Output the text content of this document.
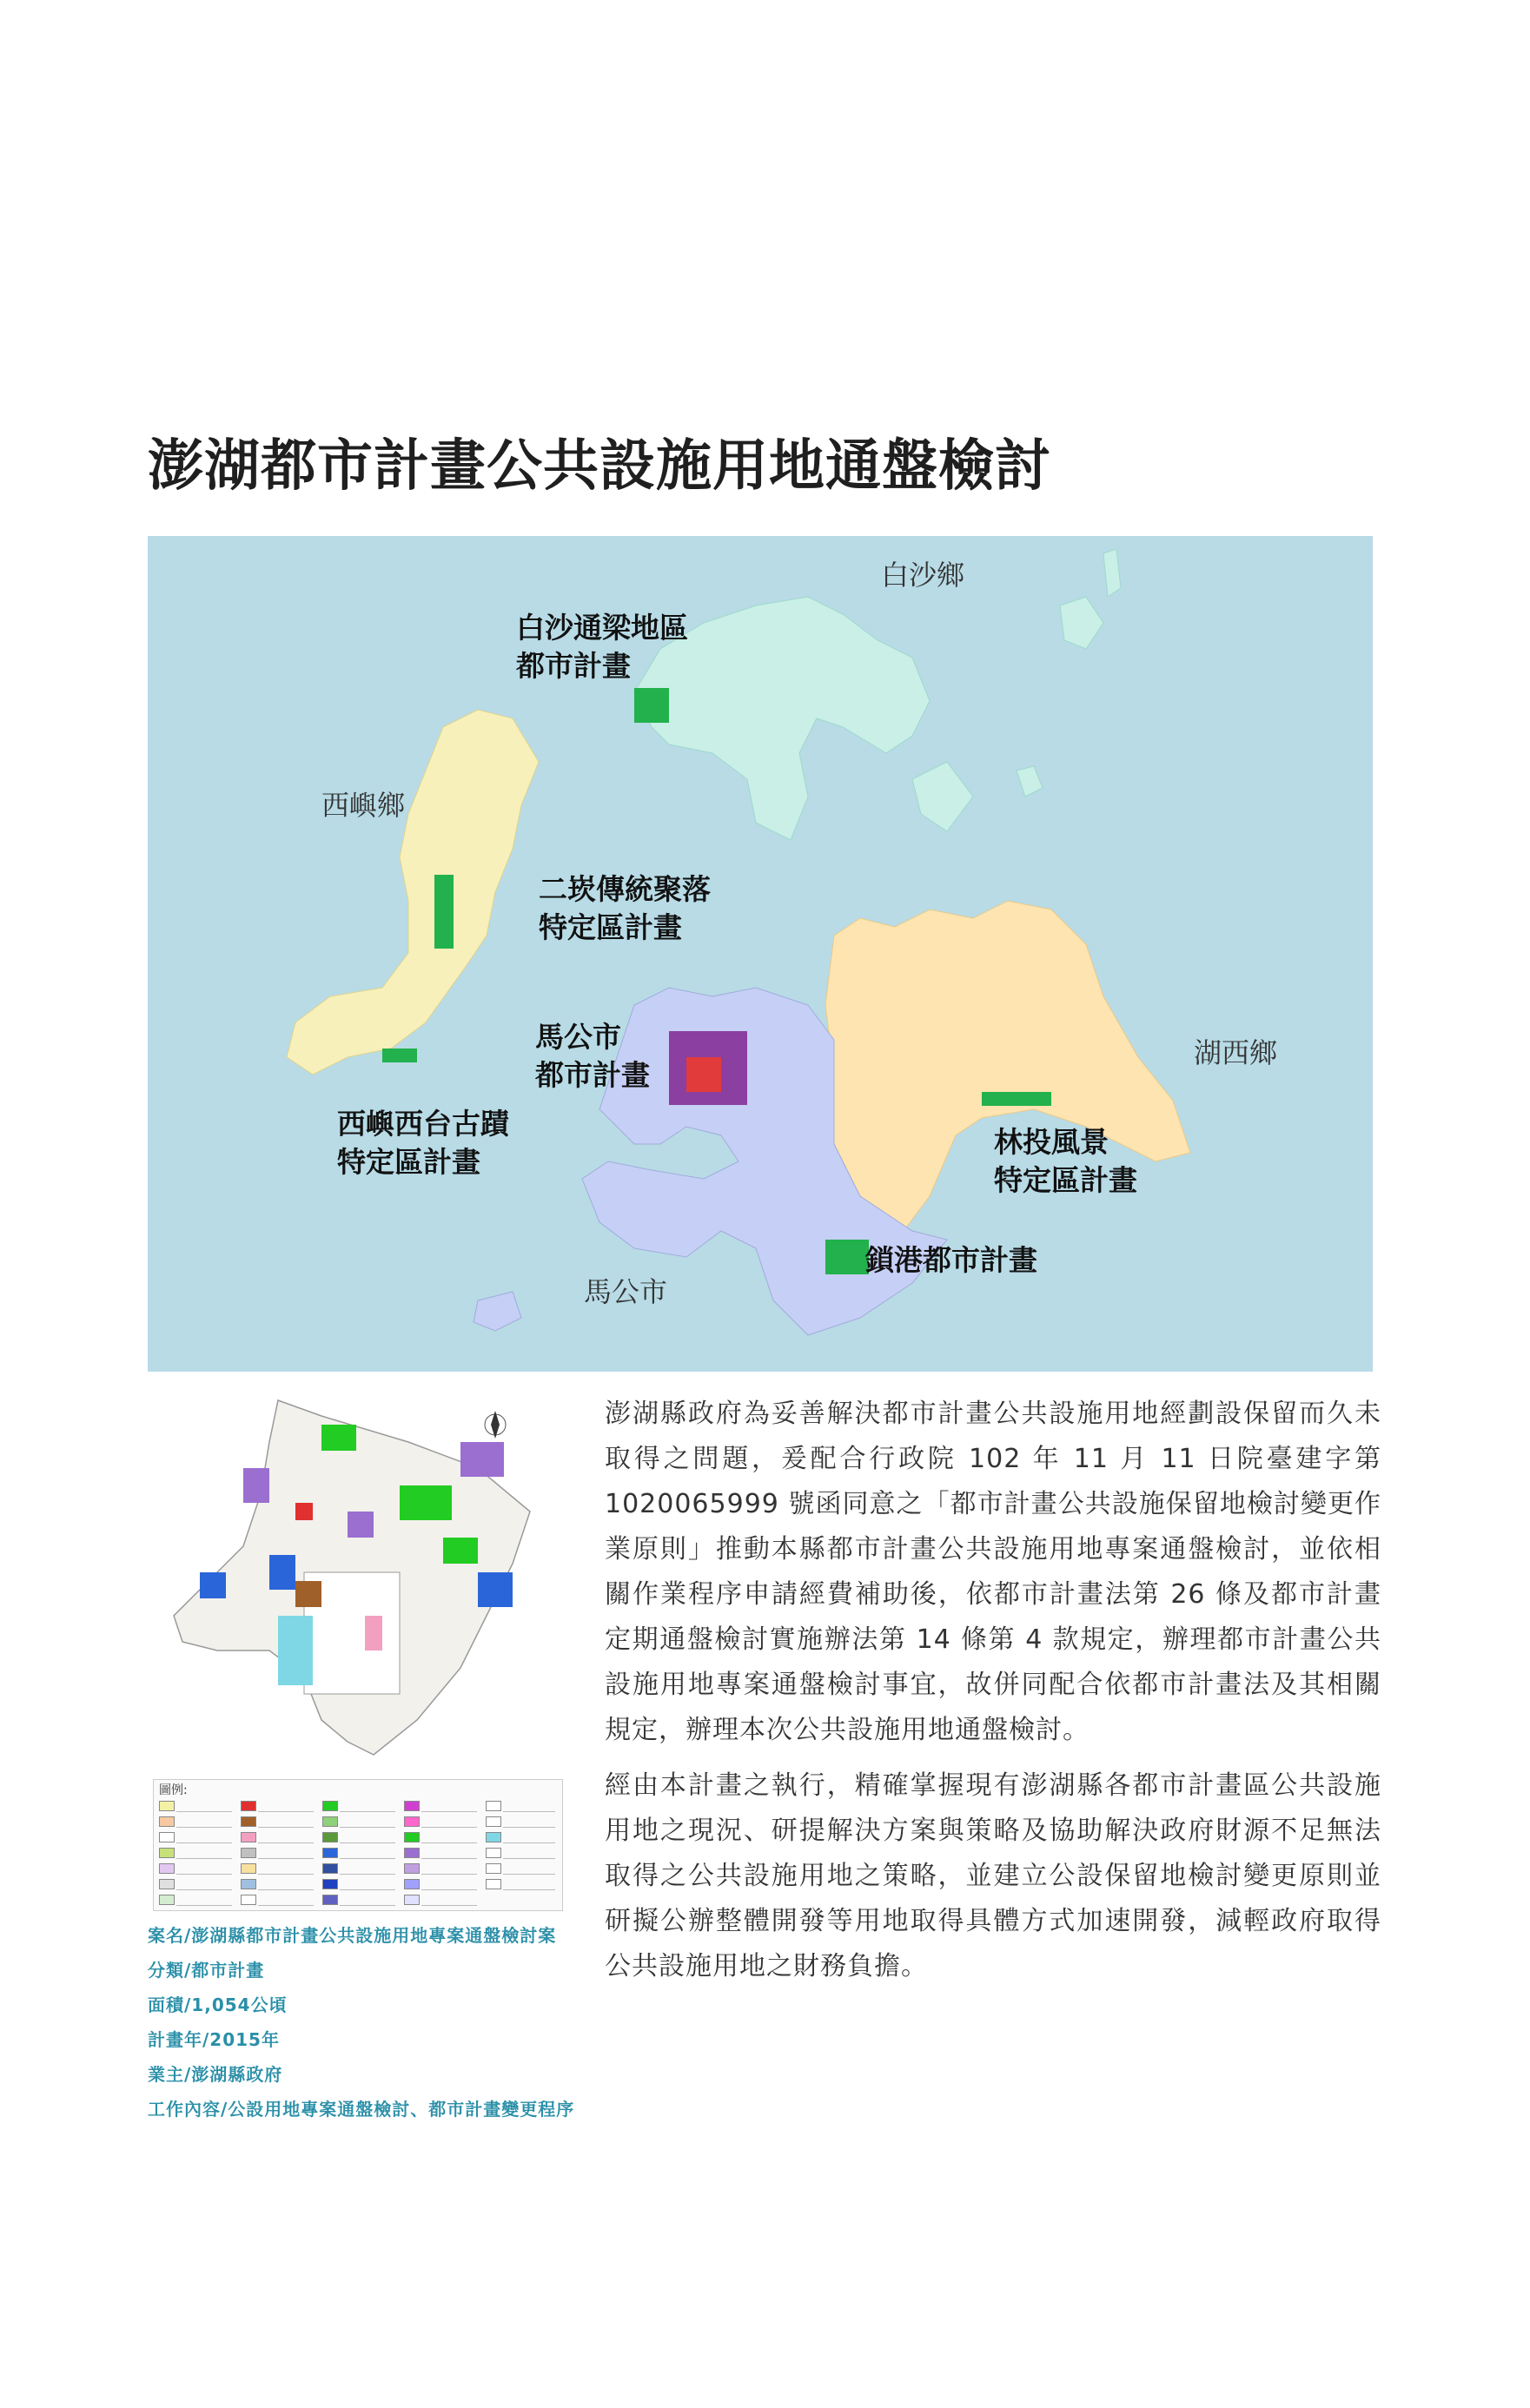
澎湖都市計畫公共設施用地通盤檢討
白沙通梁地區
都市計畫
二崁傳統聚落
特定區計畫
馬公市
都市計畫
西嶼西台古蹟
特定區計畫
林投風景
特定區計畫
鎖港都市計畫
白沙鄉
西嶼鄉
湖西鄉
馬公市
圖例:
案名/澎湖縣都市計畫公共設施用地專案通盤檢討案
分類/都市計畫
面積/1,054公頃
計畫年/2015年
業主/澎湖縣政府
工作內容/公設用地專案通盤檢討、都市計畫變更程序

澎湖縣政府為妥善解決都市計畫公共設施用地經劃設保留而久未取得之問題，爰配合行政院 102 年 11 月 11 日院臺建字第 1020065999 號函同意之「都市計畫公共設施保留地檢討變更作業原則」推動本縣都市計畫公共設施用地專案通盤檢討，並依相關作業程序申請經費補助後，依都市計畫法第 26 條及都市計畫定期通盤檢討實施辦法第 14 條第 4 款規定，辦理都市計畫公共設施用地專案通盤檢討事宜，故併同配合依都市計畫法及其相關規定，辦理本次公共設施用地通盤檢討。

經由本計畫之執行，精確掌握現有澎湖縣各都市計畫區公共設施用地之現況、研提解決方案與策略及協助解決政府財源不足無法取得之公共設施用地之策略，並建立公設保留地檢討變更原則並研擬公辦整體開發等用地取得具體方式加速開發，減輕政府取得公共設施用地之財務負擔。
